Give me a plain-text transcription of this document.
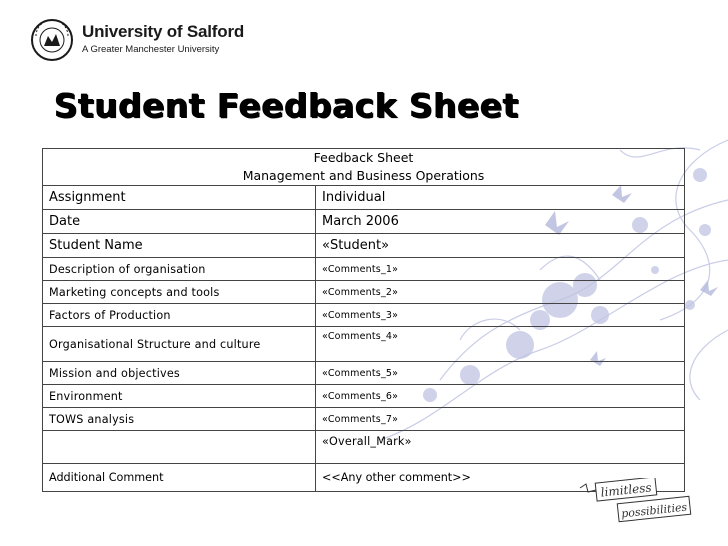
University of Salford
A Greater Manchester University
Student Feedback Sheet
Feedback Sheet
Management and Business Operations	

Assignment	Individual
Date	March 2006
Student Name	«Student»
Description of organisation	«Comments_1»
Marketing concepts and tools	«Comments_2»
Factors of Production	«Comments_3»
Organisational Structure and culture	«Comments_4»
Mission and objectives	«Comments_5»
Environment	«Comments_6»
TOWS analysis	«Comments_7»
	«Overall_Mark»
Additional Comment	<<Any other comment>>
limitless
possibilities
